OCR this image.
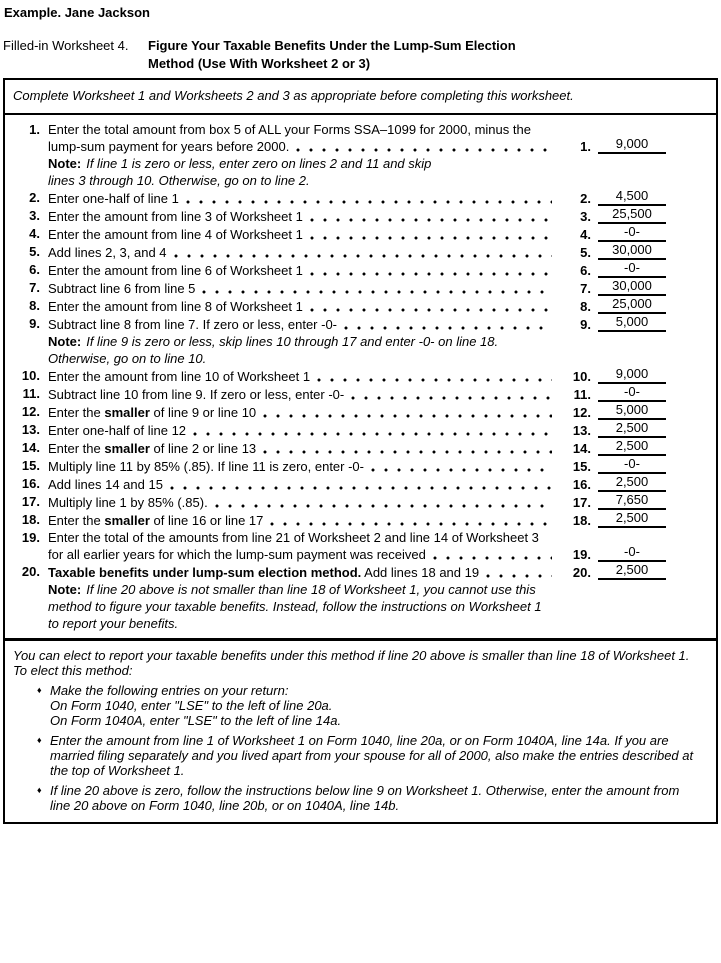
Example. Jane Jackson
Filled-in Worksheet 4.	Figure Your Taxable Benefits Under the Lump-Sum Election
Method (Use With Worksheet 2 or 3)
Complete Worksheet 1 and Worksheets 2 and 3 as appropriate before completing this worksheet.
1. Enter the total amount from box 5 of ALL your Forms SSA–1099 for 2000, minus the
lump-sum payment for years before 2000.	1.	9,000
Note: If line 1 is zero or less, enter zero on lines 2 and 11 and skip
lines 3 through 10. Otherwise, go on to line 2.
2. Enter one-half of line 1	2.	4,500
3. Enter the amount from line 3 of Worksheet 1	3.	25,500
4. Enter the amount from line 4 of Worksheet 1	4.	-0-
5. Add lines 2, 3, and 4	5.	30,000
6. Enter the amount from line 6 of Worksheet 1	6.	-0-
7. Subtract line 6 from line 5	7.	30,000
8. Enter the amount from line 8 of Worksheet 1	8.	25,000
9. Subtract line 8 from line 7. If zero or less, enter -0-	9.	5,000
Note: If line 9 is zero or less, skip lines 10 through 17 and enter -0- on line 18.
Otherwise, go on to line 10.
10. Enter the amount from line 10 of Worksheet 1	10.	9,000
11. Subtract line 10 from line 9. If zero or less, enter -0-	11.	-0-
12. Enter the smaller of line 9 or line 10	12.	5,000
13. Enter one-half of line 12	13.	2,500
14. Enter the smaller of line 2 or line 13	14.	2,500
15. Multiply line 11 by 85% (.85). If line 11 is zero, enter -0-	15.	-0-
16. Add lines 14 and 15	16.	2,500
17. Multiply line 1 by 85% (.85).	17.	7,650
18. Enter the smaller of line 16 or line 17	18.	2,500
19. Enter the total of the amounts from line 21 of Worksheet 2 and line 14 of Worksheet 3
for all earlier years for which the lump-sum payment was received	19.	-0-
20. Taxable benefits under lump-sum election method. Add lines 18 and 19	20.	2,500
Note: If line 20 above is not smaller than line 18 of Worksheet 1, you cannot use this
method to figure your taxable benefits. Instead, follow the instructions on Worksheet 1
to report your benefits.
You can elect to report your taxable benefits under this method if line 20 above is smaller than line 18 of Worksheet 1.
To elect this method:
♦ Make the following entries on your return:
On Form 1040, enter "LSE" to the left of line 20a.
On Form 1040A, enter "LSE" to the left of line 14a.
♦ Enter the amount from line 1 of Worksheet 1 on Form 1040, line 20a, or on Form 1040A, line 14a. If you are
married filing separately and you lived apart from your spouse for all of 2000, also make the entries described at
the top of Worksheet 1.
♦ If line 20 above is zero, follow the instructions below line 9 on Worksheet 1. Otherwise, enter the amount from
line 20 above on Form 1040, line 20b, or on 1040A, line 14b.
